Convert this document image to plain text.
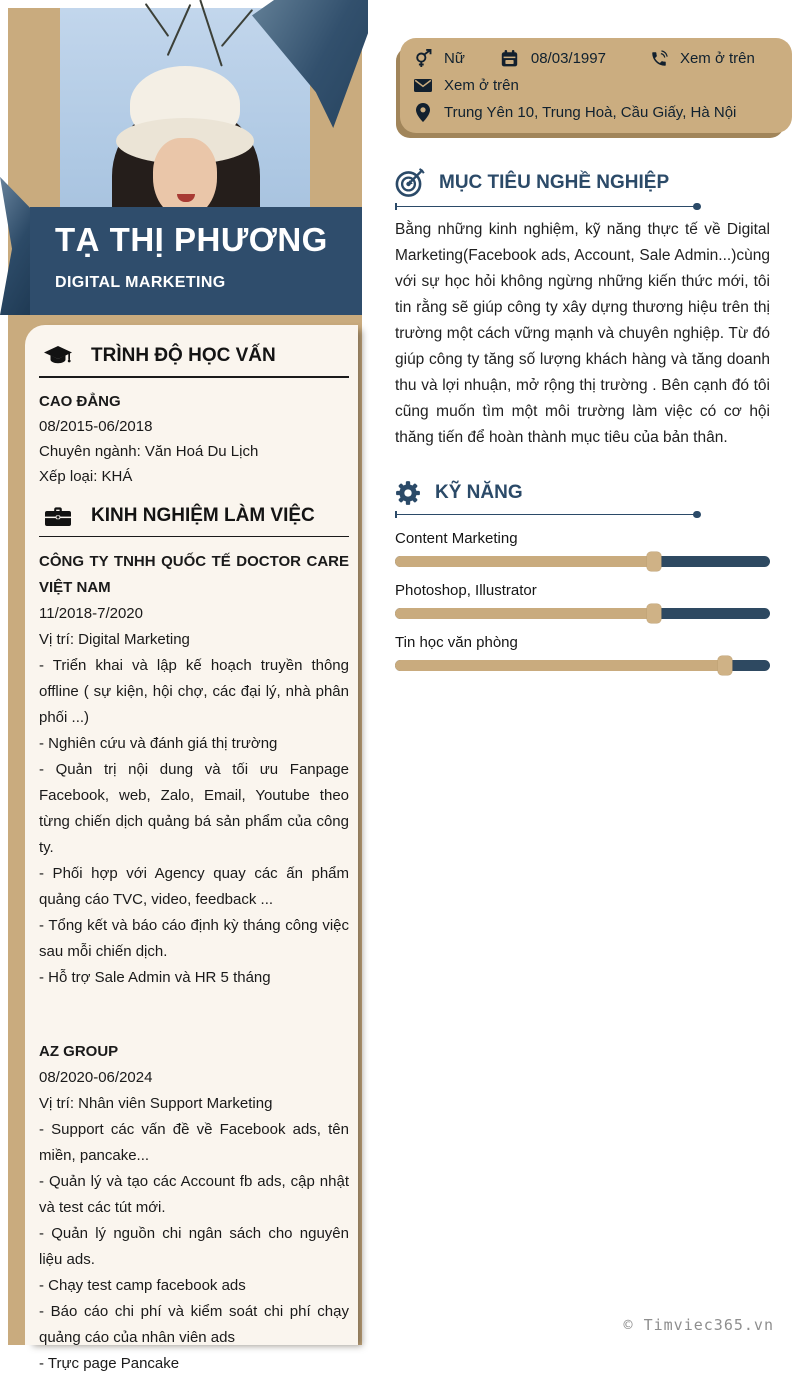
TẠ THỊ PHƯƠNG
DIGITAL MARKETING
TRÌNH ĐỘ HỌC VẤN
CAO ĐẲNG
08/2015-06/2018
Chuyên ngành: Văn Hoá Du Lịch
Xếp loại: KHÁ
KINH NGHIỆM LÀM VIỆC

CÔNG TY TNHH QUỐC TẾ DOCTOR CARE VIỆT NAM

11/2018-7/2020

Vị trí: Digital Marketing

- Triển khai và lập kế hoạch truyền thông offline ( sự kiện, hội chợ, các đại lý, nhà phân phối ...)

- Nghiên cứu và đánh giá thị trường

- Quản trị nội dung và tối ưu Fanpage Facebook, web, Zalo, Email, Youtube theo từng chiến dịch quảng bá sản phẩm của công ty.

- Phối hợp với Agency quay các ấn phẩm quảng cáo TVC, video, feedback ...

- Tổng kết và báo cáo định kỳ tháng công việc sau mỗi chiến dịch.

- Hỗ trợ Sale Admin và HR 5 tháng

AZ GROUP

08/2020-06/2024

Vị trí: Nhân viên Support Marketing

- Support các vấn đề về Facebook ads, tên miền, pancake...

- Quản lý và tạo các Account fb ads, cập nhật và test các tút mới.

- Quản lý nguồn chi ngân sách cho nguyên liệu ads.

- Chạy test camp facebook ads

- Báo cáo chi phí và kiểm soát chi phí chạy quảng cáo của nhân viên ads

- Trực page Pancake

Nữ	08/03/1997	Xem ở trên
Xem ở trên
Trung Yên 10, Trung Hoà, Cầu Giấy, Hà Nội
MỤC TIÊU NGHỀ NGHIỆP

Bằng những kinh nghiệm, kỹ năng thực tế về Digital Marketing(Facebook ads, Account, Sale Admin...)cùng với sự học hỏi không ngừng những kiến thức mới, tôi tin rằng sẽ giúp công ty xây dựng thương hiệu trên thị trường một cách vững mạnh và chuyên nghiệp. Từ đó giúp công ty tăng số lượng khách hàng và tăng doanh thu và lợi nhuận, mở rộng thị trường . Bên cạnh đó tôi cũng muốn tìm một môi trường làm việc có cơ hội thăng tiến để hoàn thành mục tiêu của bản thân.

KỸ NĂNG
Content Marketing
Photoshop, Illustrator
Tin học văn phòng
© Timviec365.vn
